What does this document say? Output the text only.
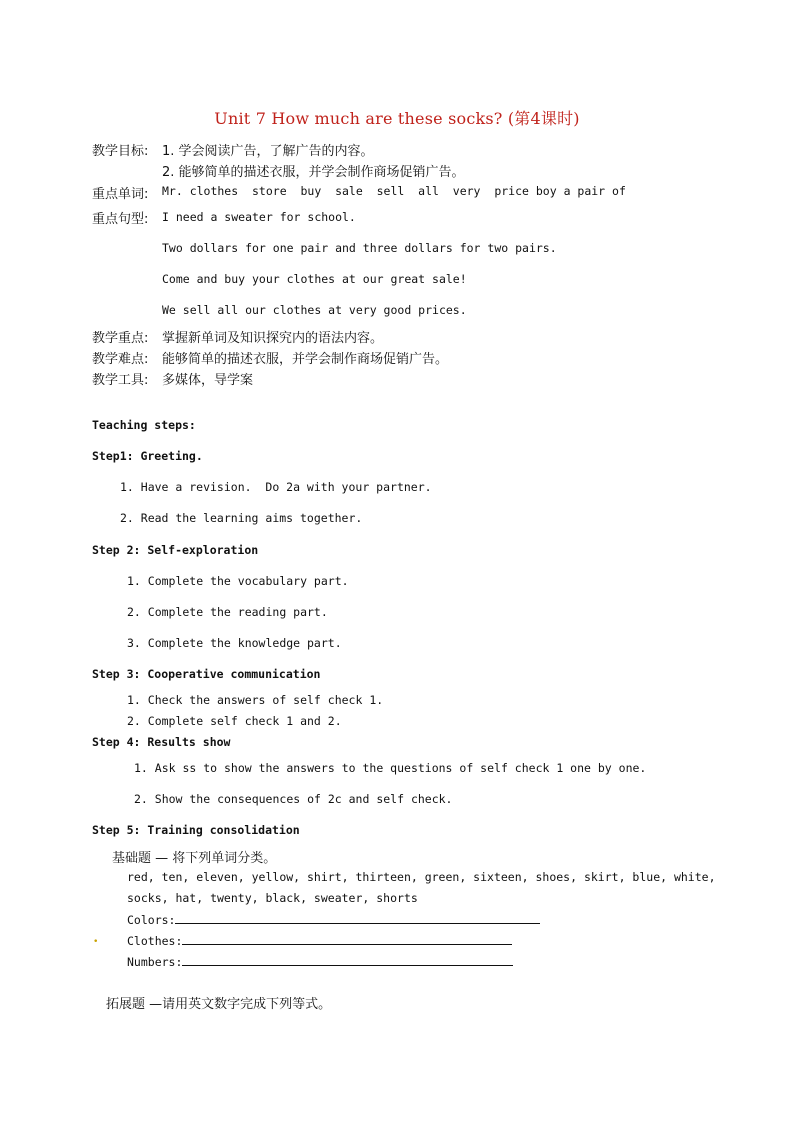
Unit 7 How much are these socks? (第4课时)
教学目标: 1. 学会阅读广告，了解广告的内容。
2. 能够简单的描述衣服，并学会制作商场促销广告。
重点单词: Mr. clothes  store  buy  sale  sell  all  very  price boy a pair of
重点句型: I need a sweater for school.
Two dollars for one pair and three dollars for two pairs.
Come and buy your clothes at our great sale!
We sell all our clothes at very good prices.
教学重点: 掌握新单词及知识探究内的语法内容。
教学难点: 能够简单的描述衣服，并学会制作商场促销广告。
教学工具: 多媒体，导学案
Teaching steps:
Step1: Greeting.
1. Have a revision.  Do 2a with your partner.
2. Read the learning aims together.
Step 2: Self-exploration
1. Complete the vocabulary part.
2. Complete the reading part.
3. Complete the knowledge part.
Step 3: Cooperative communication
1. Check the answers of self check 1.
2. Complete self check 1 and 2.
Step 4: Results show
1. Ask ss to show the answers to the questions of self check 1 one by one.
2. Show the consequences of 2c and self check.
Step 5: Training consolidation
基础题 — 将下列单词分类。
red, ten, eleven, yellow, shirt, thirteen, green, sixteen, shoes, skirt, blue, white,
socks, hat, twenty, black, sweater, shorts
Colors:
Clothes:
Numbers:
拓展题 —请用英文数字完成下列等式。
•
